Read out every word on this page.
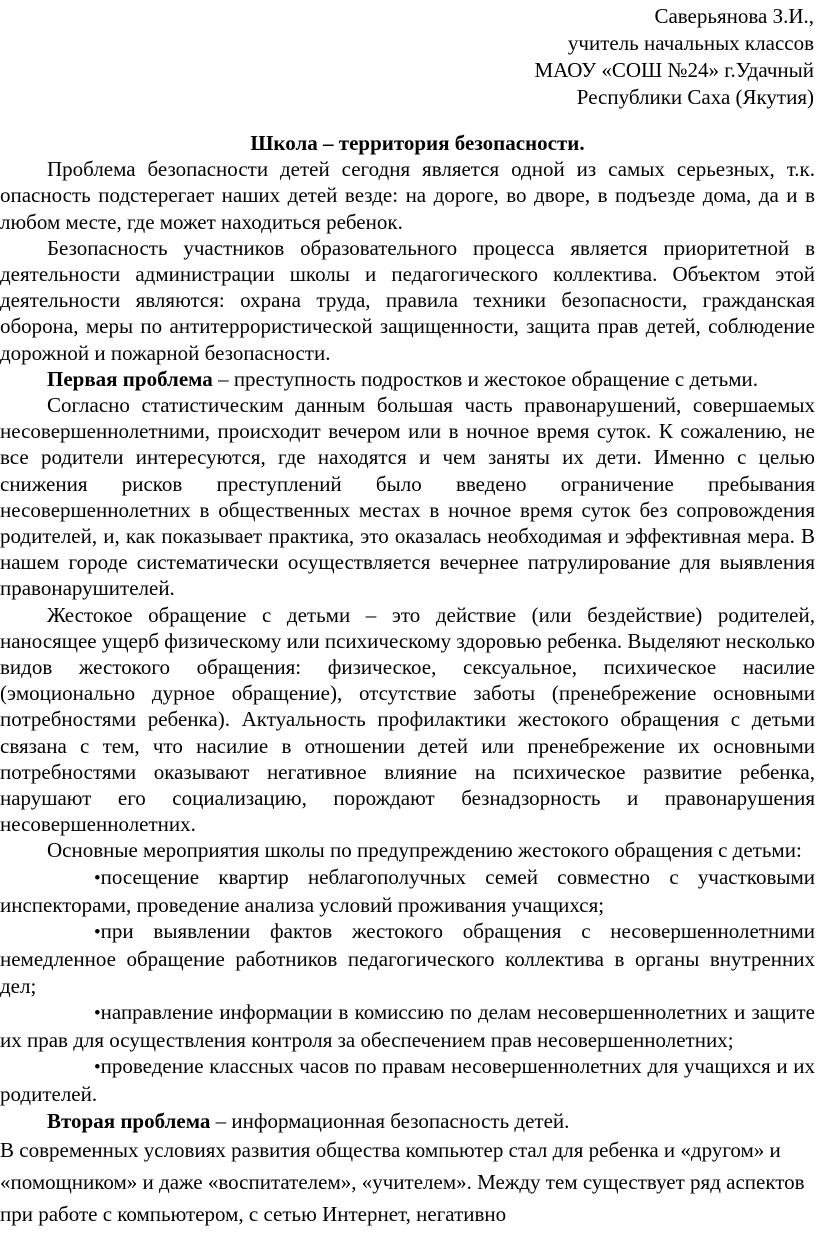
Саверьянова З.И.,
учитель начальных классов
МАОУ «СОШ №24» г.Удачный
Республики Саха (Якутия)

Школа – территория безопасности.

Проблема безопасности детей сегодня является одной из самых серьезных, т.к. опасность подстерегает наших детей везде: на дороге, во дворе, в подъезде дома, да и в любом месте, где может находиться ребенок.

Безопасность участников образовательного процесса является приоритетной в деятельности администрации школы и педагогического коллектива. Объектом этой деятельности являются: охрана труда, правила техники безопасности, гражданская оборона, меры по антитеррористической защищенности, защита прав детей, соблюдение дорожной и пожарной безопасности.

Первая проблема – преступность подростков и жестокое обращение с детьми.

Согласно статистическим данным большая часть правонарушений, совершаемых несовершеннолетними, происходит вечером или в ночное время суток. К сожалению, не все родители интересуются, где находятся и чем заняты их дети. Именно с целью снижения рисков преступлений было введено ограничение пребывания несовершеннолетних в общественных местах в ночное время суток без сопровождения родителей, и, как показывает практика, это оказалась необходимая и эффективная мера. В нашем городе систематически осуществляется вечернее патрулирование для выявления правонарушителей.

Жестокое обращение с детьми – это действие (или бездействие) родителей, наносящее ущерб физическому или психическому здоровью ребенка. Выделяют несколько видов жестокого обращения: физическое, сексуальное, психическое насилие (эмоционально дурное обращение), отсутствие заботы (пренебрежение основными потребностями ребенка). Актуальность профилактики жестокого обращения с детьми связана с тем, что насилие в отношении детей или пренебрежение их основными потребностями оказывают негативное влияние на психическое развитие ребенка, нарушают его социализацию, порождают безнадзорность и правонарушения несовершеннолетних.

Основные мероприятия школы по предупреждению жестокого обращения с детьми:

•посещение квартир неблагополучных семей совместно с участковыми инспекторами, проведение анализа условий проживания учащихся;

•при выявлении фактов жестокого обращения с несовершеннолетними немедленное обращение работников педагогического коллектива в органы внутренних дел;

•направление информации в комиссию по делам несовершеннолетних и защите их прав для осуществления контроля за обеспечением прав несовершеннолетних;

•проведение классных часов по правам несовершеннолетних для учащихся и их родителей.

Вторая проблема – информационная безопасность детей.

В современных условиях развития общества компьютер стал для ребенка и «другом» и «помощником» и даже «воспитателем», «учителем». Между тем существует ряд аспектов при работе с компьютером, с сетью Интернет, негативно
